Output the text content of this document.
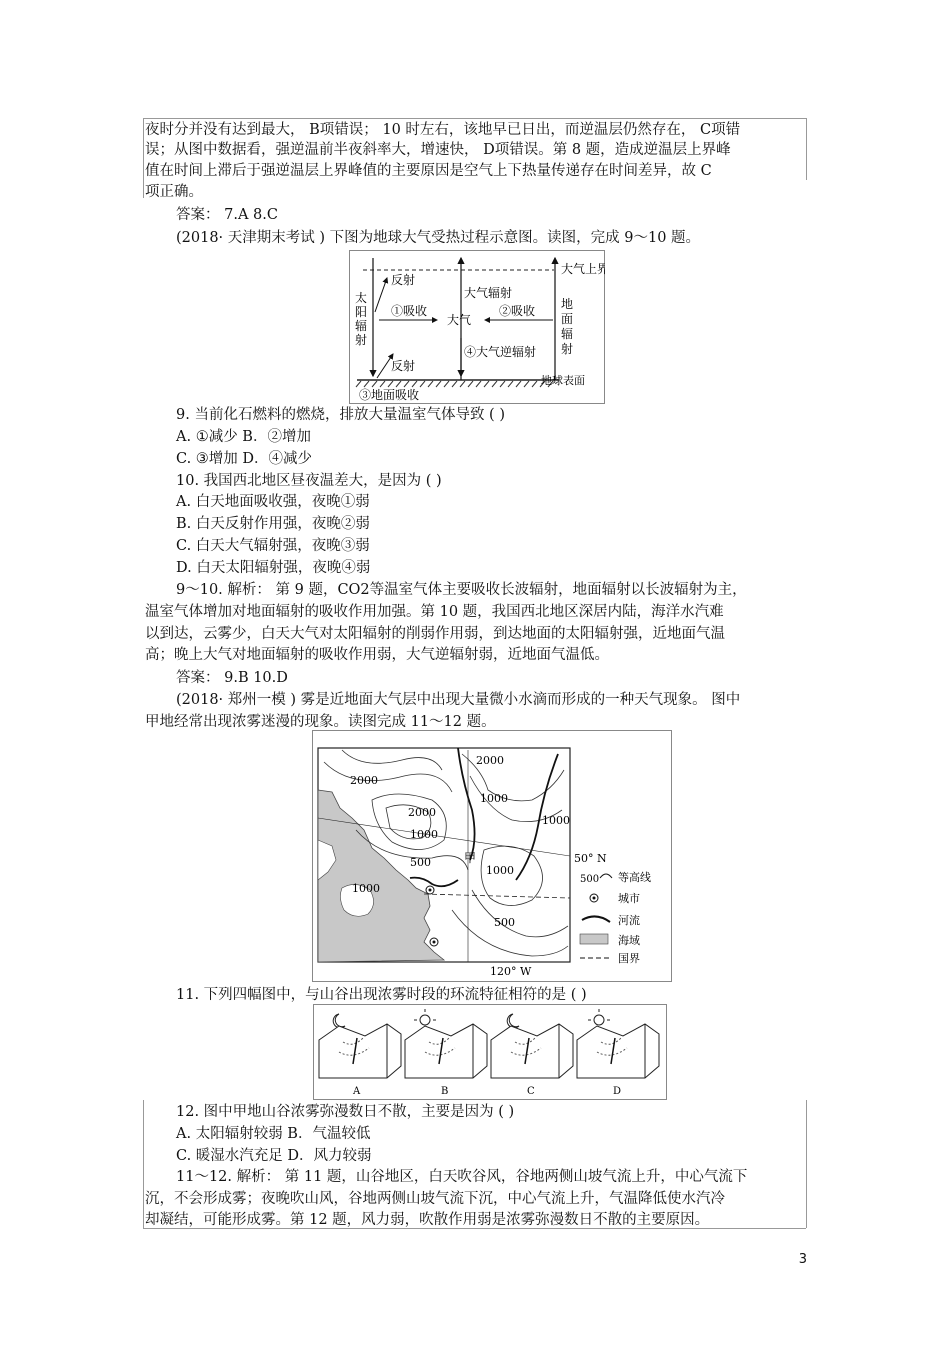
夜时分并没有达到最大， B项错误； 10 时左右，该地早已日出，而逆温层仍然存在， C项错
误；从图中数据看，强逆温前半夜斜率大，增速快， D项错误。第 8 题，造成逆温层上界峰
值在时间上滞后于强逆温层上界峰值的主要原因是空气上下热量传递存在时间差异，故 C
项正确。
答案： 7.A 8.C
(2018· 天津期末考试 ) 下图为地球大气受热过程示意图。读图，完成 9～10 题。
反射
太
阳
辐
射
①吸收
大气辐射
大气
②吸收
大气上界
地
面
辐
射
反射
④大气逆辐射
地球表面
③地面吸收
9. 当前化石燃料的燃烧，排放大量温室气体导致 ( )
A. ①减少 B．②增加
C. ③增加 D．④减少
10. 我国西北地区昼夜温差大，是因为 ( )
A. 白天地面吸收强，夜晚①弱
B. 白天反射作用强，夜晚②弱
C. 白天大气辐射强，夜晚③弱
D. 白天太阳辐射强，夜晚④弱
9～10. 解析： 第 9 题，CO2等温室气体主要吸收长波辐射，地面辐射以长波辐射为主，
温室气体增加对地面辐射的吸收作用加强。第 10 题，我国西北地区深居内陆，海洋水汽难
以到达，云雾少，白天大气对太阳辐射的削弱作用弱，到达地面的太阳辐射强，近地面气温
高；晚上大气对地面辐射的吸收作用弱，大气逆辐射弱，近地面气温低。
答案： 9.B 10.D
(2018· 郑州一模 ) 雾是近地面大气层中出现大量微小水滴而形成的一种天气现象。 图中
甲地经常出现浓雾迷漫的现象。读图完成 11～12 题。
2000
2000
2000
1000
1000
1000
1000
1000
500
500
甲	50° N
120° W
500 等高线
城市
河流
海域
国界
11. 下列四幅图中，与山谷出现浓雾时段的环流特征相符的是 ( )
A	B	C	D
12. 图中甲地山谷浓雾弥漫数日不散，主要是因为 ( )
A. 太阳辐射较弱 B．气温较低
C. 暖湿水汽充足 D．风力较弱
11～12. 解析： 第 11 题，山谷地区，白天吹谷风，谷地两侧山坡气流上升，中心气流下
沉，不会形成雾；夜晚吹山风，谷地两侧山坡气流下沉，中心气流上升，气温降低使水汽冷
却凝结，可能形成雾。第 12 题，风力弱，吹散作用弱是浓雾弥漫数日不散的主要原因。
3
